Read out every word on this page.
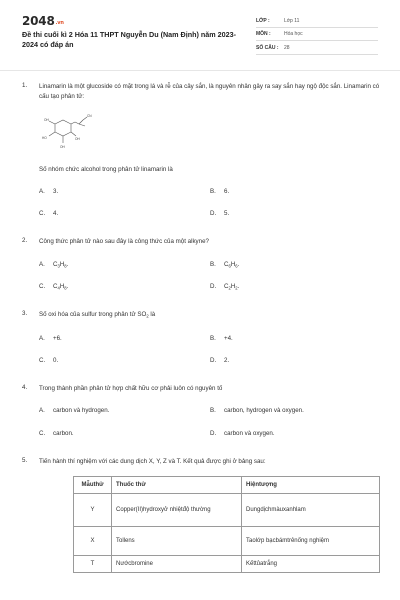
2048.vn
Đề thi cuối kì 2 Hóa 11 THPT Nguyễn Du (Nam Định) năm 2023-2024 có đáp án
LỚP :	Lớp 11
MÔN :	Hóa học
SỐ CÂU : 28
1. Linamarin là một glucoside có mặt trong lá và rễ của cây sắn, là nguyên nhân gây ra say sắn hay ngộ độc sắn. Linamarin có cấu tạo phân tử:
OH
CN
HO	OH
OH
Số nhóm chức alcohol trong phân tử linamarin là
A. 3.	B. 6.
C. 4.	D. 5.
2. Công thức phân tử nào sau đây là công thức của một alkyne?
A. $C_3H_8$.	B. $C_6H_6$.
C. $C_4H_8$.	D. $C_2H_2$.
3. Số oxi hóa của sulfur trong phân tử $SO_2$ là
A. +6.	B. +4.
C. 0.	D. 2.
4. Trong thành phần phân tử hợp chất hữu cơ phải luôn có nguyên tố
A. carbon và hydrogen.	B. carbon, hydrogen và oxygen.
C. carbon.	D. carbon và oxygen.
5. Tiến hành thí nghiệm với các dung dịch X, Y, Z và T. Kết quả được ghi ở bảng sau:
Mẫuthử	Thuốc thử	Hiệntượng
Y	Copper(II)hydroxyở nhiệtđộ thường	Dungdịchmàuxanhlam
X	Tollens	Taolớp bạcbámtrênống nghiệm
T	Nướcbromine	Kếttủatrắng
